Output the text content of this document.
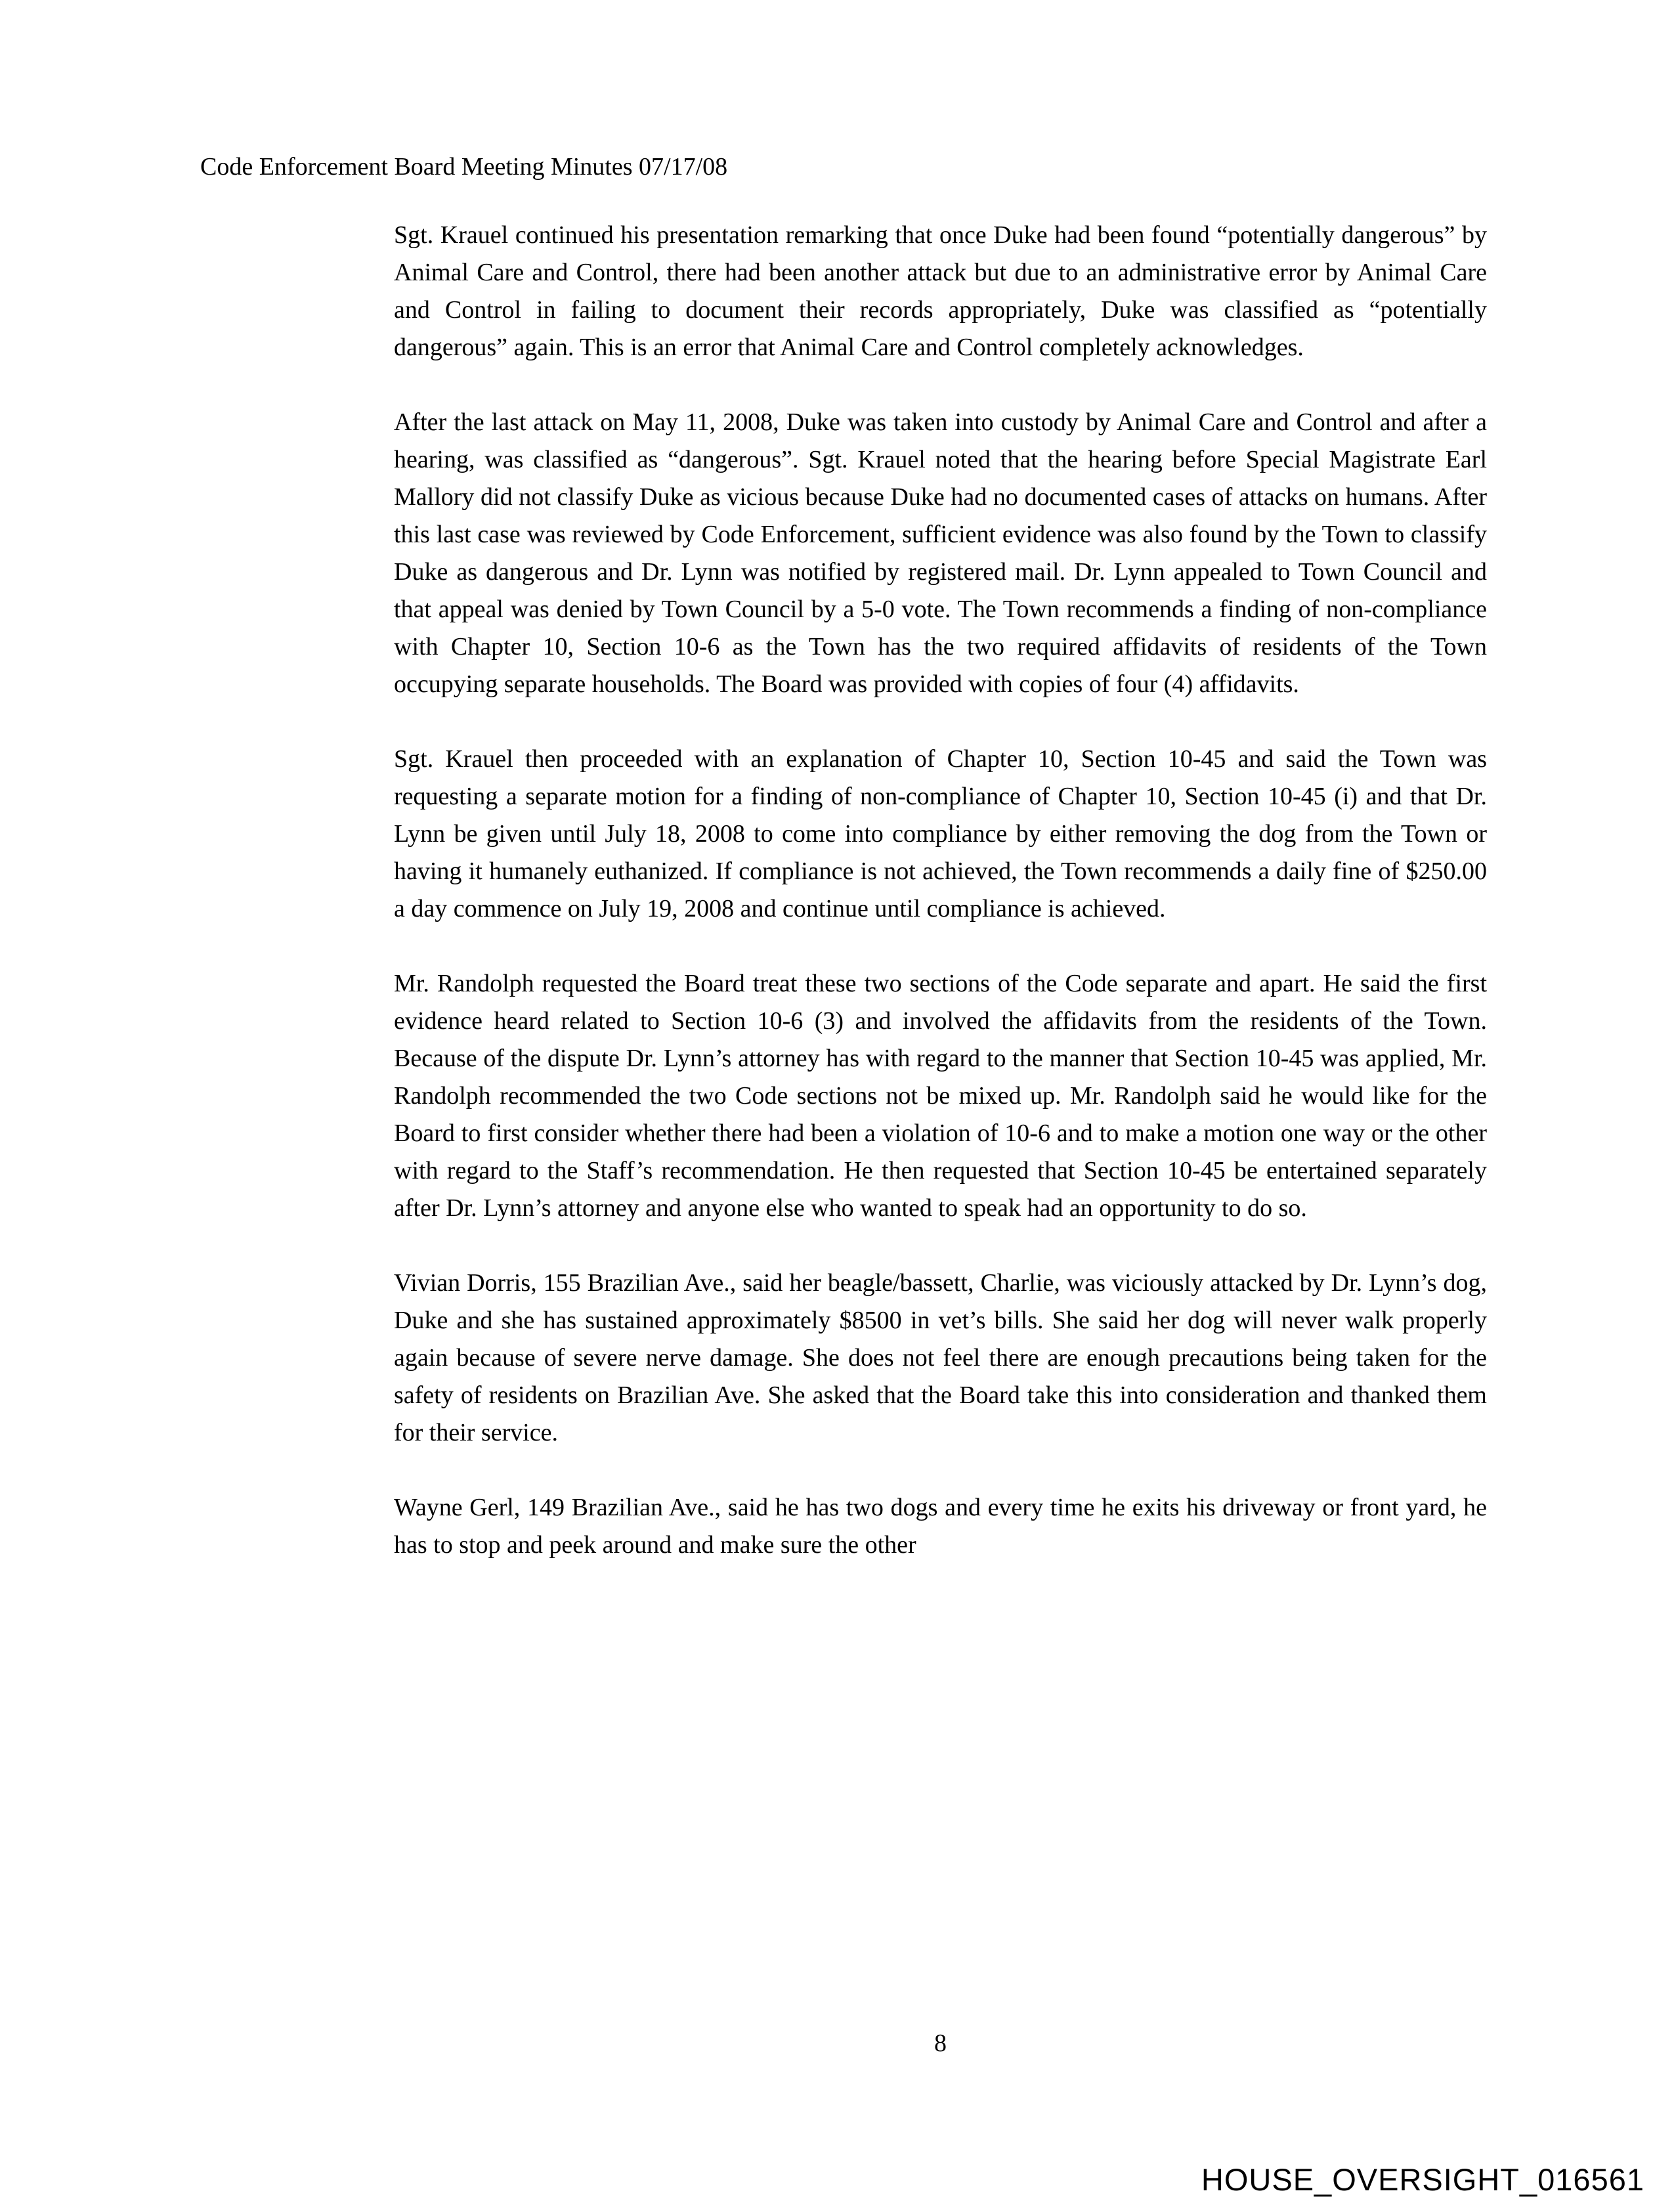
Code Enforcement Board Meeting Minutes 07/17/08

Sgt. Krauel continued his presentation remarking that once Duke had been found “potentially dangerous” by Animal Care and Control, there had been another attack but due to an administrative error by Animal Care and Control in failing to document their records appropriately, Duke was classified as “potentially dangerous” again. This is an error that Animal Care and Control completely acknowledges.

After the last attack on May 11, 2008, Duke was taken into custody by Animal Care and Control and after a hearing, was classified as “dangerous”. Sgt. Krauel noted that the hearing before Special Magistrate Earl Mallory did not classify Duke as vicious because Duke had no documented cases of attacks on humans. After this last case was reviewed by Code Enforcement, sufficient evidence was also found by the Town to classify Duke as dangerous and Dr. Lynn was notified by registered mail. Dr. Lynn appealed to Town Council and that appeal was denied by Town Council by a 5-0 vote. The Town recommends a finding of non-compliance with Chapter 10, Section 10-6 as the Town has the two required affidavits of residents of the Town occupying separate households. The Board was provided with copies of four (4) affidavits.

Sgt. Krauel then proceeded with an explanation of Chapter 10, Section 10-45 and said the Town was requesting a separate motion for a finding of non-compliance of Chapter 10, Section 10-45 (i) and that Dr. Lynn be given until July 18, 2008 to come into compliance by either removing the dog from the Town or having it humanely euthanized. If compliance is not achieved, the Town recommends a daily fine of $250.00 a day commence on July 19, 2008 and continue until compliance is achieved.

Mr. Randolph requested the Board treat these two sections of the Code separate and apart. He said the first evidence heard related to Section 10-6 (3) and involved the affidavits from the residents of the Town. Because of the dispute Dr. Lynn’s attorney has with regard to the manner that Section 10-45 was applied, Mr. Randolph recommended the two Code sections not be mixed up. Mr. Randolph said he would like for the Board to first consider whether there had been a violation of 10-6 and to make a motion one way or the other with regard to the Staff’s recommendation. He then requested that Section 10-45 be entertained separately after Dr. Lynn’s attorney and anyone else who wanted to speak had an opportunity to do so.

Vivian Dorris, 155 Brazilian Ave., said her beagle/bassett, Charlie, was viciously attacked by Dr. Lynn’s dog, Duke and she has sustained approximately $8500 in vet’s bills. She said her dog will never walk properly again because of severe nerve damage. She does not feel there are enough precautions being taken for the safety of residents on Brazilian Ave. She asked that the Board take this into consideration and thanked them for their service.

Wayne Gerl, 149 Brazilian Ave., said he has two dogs and every time he exits his driveway or front yard, he has to stop and peek around and make sure the other

8
HOUSE_OVERSIGHT_016561
